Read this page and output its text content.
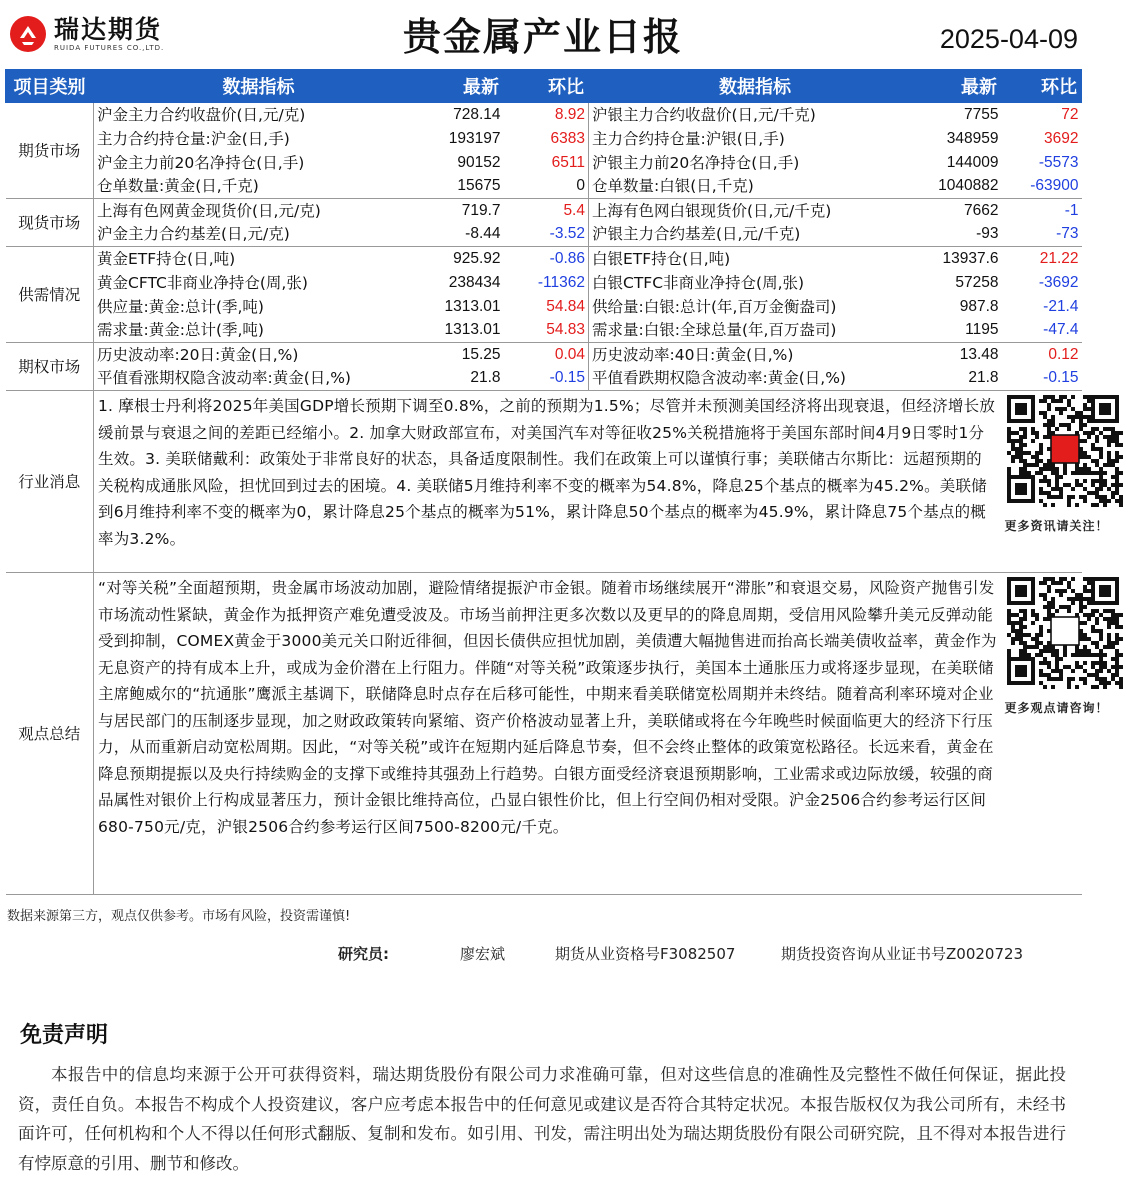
瑞达期货
RUIDA FUTURES CO.,LTD.	贵金属产业日报	2025-04-09
项目类别	数据指标	最新	环比	数据指标	最新	环比
期货市场	沪金主力合约收盘价(日,元/克)	728.14	8.92	沪银主力合约收盘价(日,元/千克)	7755	72
	主力合约持仓量:沪金(日,手)	193197	6383	主力合约持仓量:沪银(日,手)	348959	3692
	沪金主力前20名净持仓(日,手)	90152	6511	沪银主力前20名净持仓(日,手)	144009	-5573
	仓单数量:黄金(日,千克)	15675	0	仓单数量:白银(日,千克)	1040882	-63900
现货市场	上海有色网黄金现货价(日,元/克)	719.7	5.4	上海有色网白银现货价(日,元/千克)	7662	-1
	沪金主力合约基差(日,元/克)	-8.44	-3.52	沪银主力合约基差(日,元/千克)	-93	-73
供需情况	黄金ETF持仓(日,吨)	925.92	-0.86	白银ETF持仓(日,吨)	13937.6	21.22
	黄金CFTC非商业净持仓(周,张)	238434	-11362	白银CTFC非商业净持仓(周,张)	57258	-3692
	供应量:黄金:总计(季,吨)	1313.01	54.84	供给量:白银:总计(年,百万金衡盎司)	987.8	-21.4
	需求量:黄金:总计(季,吨)	1313.01	54.83	需求量:白银:全球总量(年,百万盎司)	1195	-47.4
期权市场	历史波动率:20日:黄金(日,%)	15.25	0.04	历史波动率:40日:黄金(日,%)	13.48	0.12
	平值看涨期权隐含波动率:黄金(日,%)	21.8	-0.15	平值看跌期权隐含波动率:黄金(日,%)	21.8	-0.15
行业消息	1. 摩根士丹利将2025年美国GDP增长预期下调至0.8%，之前的预期为1.5%；尽管并未预测美国经济将出现衰退，但经济增长放缓前景与衰退之间的差距已经缩小。2. 加拿大财政部宣布，对美国汽车对等征收25%关税措施将于美国东部时间4月9日零时1分生效。3. 美联储戴利：政策处于非常良好的状态，具备适度限制性。我们在政策上可以谨慎行事；美联储古尔斯比：远超预期的关税构成通胀风险，担忧回到过去的困境。4. 美联储5月维持利率不变的概率为54.8%，降息25个基点的概率为45.2%。美联储到6月维持利率不变的概率为0，累计降息25个基点的概率为51%，累计降息50个基点的概率为45.9%，累计降息75个基点的概率为3.2%。					更多资讯请关注！

观点总结	“对等关税”全面超预期，贵金属市场波动加剧，避险情绪提振沪市金银。随着市场继续展开“滞胀”和衰退交易，风险资产抛售引发市场流动性紧缺，黄金作为抵押资产难免遭受波及。市场当前押注更多次数以及更早的的降息周期，受信用风险攀升美元反弹动能受到抑制，COMEX黄金于3000美元关口附近徘徊，但因长债供应担忧加剧，美债遭大幅抛售进而抬高长端美债收益率，黄金作为无息资产的持有成本上升，或成为金价潜在上行阻力。伴随“对等关税”政策逐步执行，美国本土通胀压力或将逐步显现，在美联储主席鲍威尔的“抗通胀”鹰派主基调下，联储降息时点存在后移可能性，中期来看美联储宽松周期并未终结。随着高利率环境对企业与居民部门的压制逐步显现，加之财政政策转向紧缩、资产价格波动显著上升，美联储或将在今年晚些时候面临更大的经济下行压力，从而重新启动宽松周期。因此，“对等关税”或许在短期内延后降息节奏，但不会终止整体的政策宽松路径。长远来看，黄金在降息预期提振以及央行持续购金的支撑下或维持其强劲上行趋势。白银方面受经济衰退预期影响，工业需求或边际放缓，较强的商品属性对银价上行构成显著压力，预计金银比维持高位，凸显白银性价比，但上行空间仍相对受限。沪金2506合约参考运行区间680-750元/克，沪银2506合约参考运行区间7500-8200元/千克。					更多观点请咨询！

数据来源第三方，观点仅供参考。市场有风险，投资需谨慎!
研究员:	廖宏斌	期货从业资格号F3082507	期货投资咨询从业证书号Z0020723
免责声明
本报告中的信息均来源于公开可获得资料，瑞达期货股份有限公司力求准确可靠，但对这些信息的准确性及完整性不做任何保证，据此投资，责任自负。本报告不构成个人投资建议，客户应考虑本报告中的任何意见或建议是否符合其特定状况。本报告版权仅为我公司所有，未经书面许可，任何机构和个人不得以任何形式翻版、复制和发布。如引用、刊发，需注明出处为瑞达期货股份有限公司研究院，且不得对本报告进行有悖原意的引用、删节和修改。
